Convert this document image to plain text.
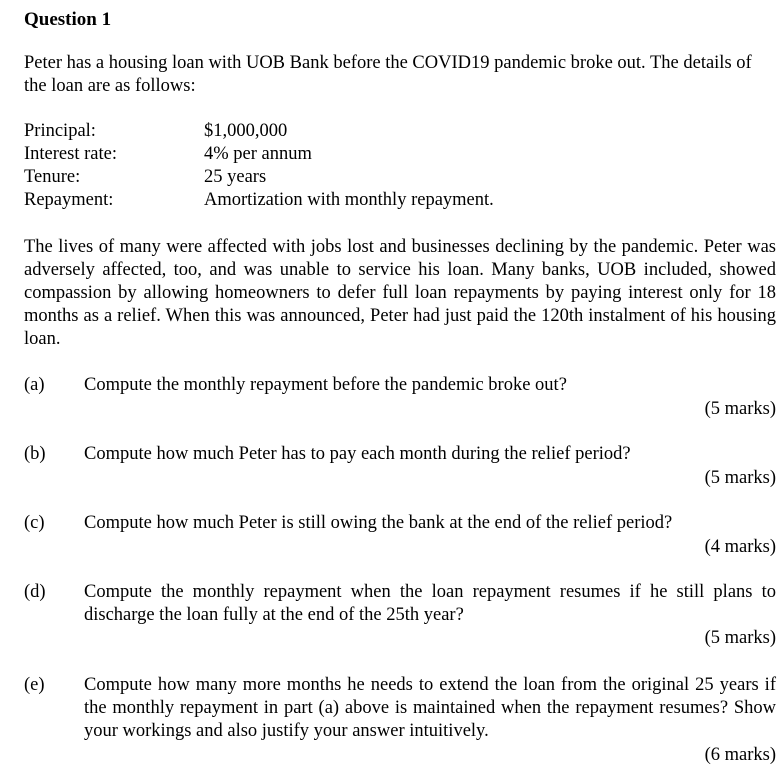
Question 1
Peter has a housing loan with UOB Bank before the COVID19 pandemic broke out. The details of the loan are as follows:
Principal:	$1,000,000
Interest rate:	4% per annum
Tenure:	25 years
Repayment:	Amortization with monthly repayment.
The lives of many were affected with jobs lost and businesses declining by the pandemic. Peter was adversely affected, too, and was unable to service his loan. Many banks, UOB included, showed compassion by allowing homeowners to defer full loan repayments by paying interest only for 18 months as a relief. When this was announced, Peter had just paid the 120th instalment of his housing loan.
(a)	Compute the monthly repayment before the pandemic broke out?
(5 marks)
(b)	Compute how much Peter has to pay each month during the relief period?
(5 marks)
(c)	Compute how much Peter is still owing the bank at the end of the relief period?
(4 marks)
(d)	Compute the monthly repayment when the loan repayment resumes if he still plans to discharge the loan fully at the end of the 25th year?
(5 marks)
(e)	Compute how many more months he needs to extend the loan from the original 25 years if the monthly repayment in part (a) above is maintained when the repayment resumes? Show your workings and also justify your answer intuitively.
(6 marks)
